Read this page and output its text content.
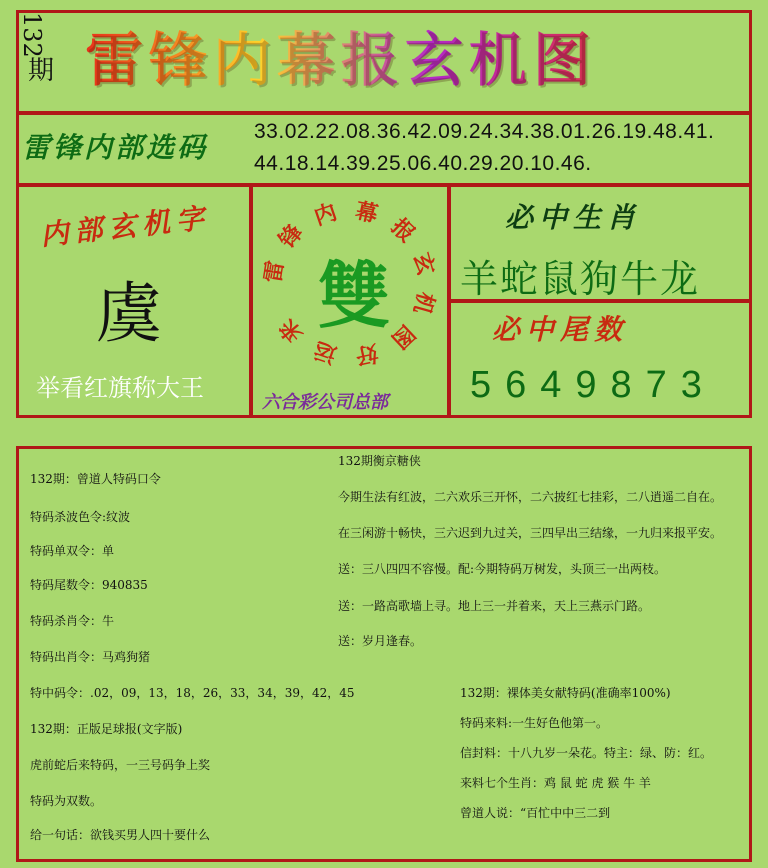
132
期 雷锋内幕报玄机图
雷锋内部选码	33.02.22.08.36.42.09.24.34.38.01.26.19.48.41.
44.18.14.39.25.06.40.29.20.10.46.
内部玄机字
虞
举看红旗称大王
雷
锋
内 幕
报
玄
机
图
好
运
来 雙
六合彩公司总部
必中生肖
羊蛇鼠狗牛龙
必中尾数
5649873
132期：曾道人特码口令
特码杀波色令:纹波
特码单双令：单
特码尾数令：940835
特码杀肖令：牛
特码出肖令：马鸡狗猪
特中码令：.02，09，13，18，26，33，34，39，42，45
132期：正版足球报(文字版)
虎前蛇后来特码，一三号码争上奖
特码为双数。
给一句话：欲钱买男人四十要什么
132期衡京糖侠
今期生法有红波，二六欢乐三开怀，二六披红七挂彩，二八逍遥二自在。
在三闲游十畅快，三六迟到九过关，三四早出三结缘，一九归来报平安。
送：三八四四不容慢。配:今期特码万树发，头顶三一出两枝。
送：一路高歌墙上寻。地上三一并着来，天上三燕示门路。
送：岁月逢春。
132期：裸体美女献特码(准确率100%)
特码来料:一生好色他第一。
信封料：十八九岁一朵花。特主：绿、防：红。
来料七个生肖：鸡 鼠 蛇 虎 猴 牛 羊
曾道人说：“百忙中中三二到
